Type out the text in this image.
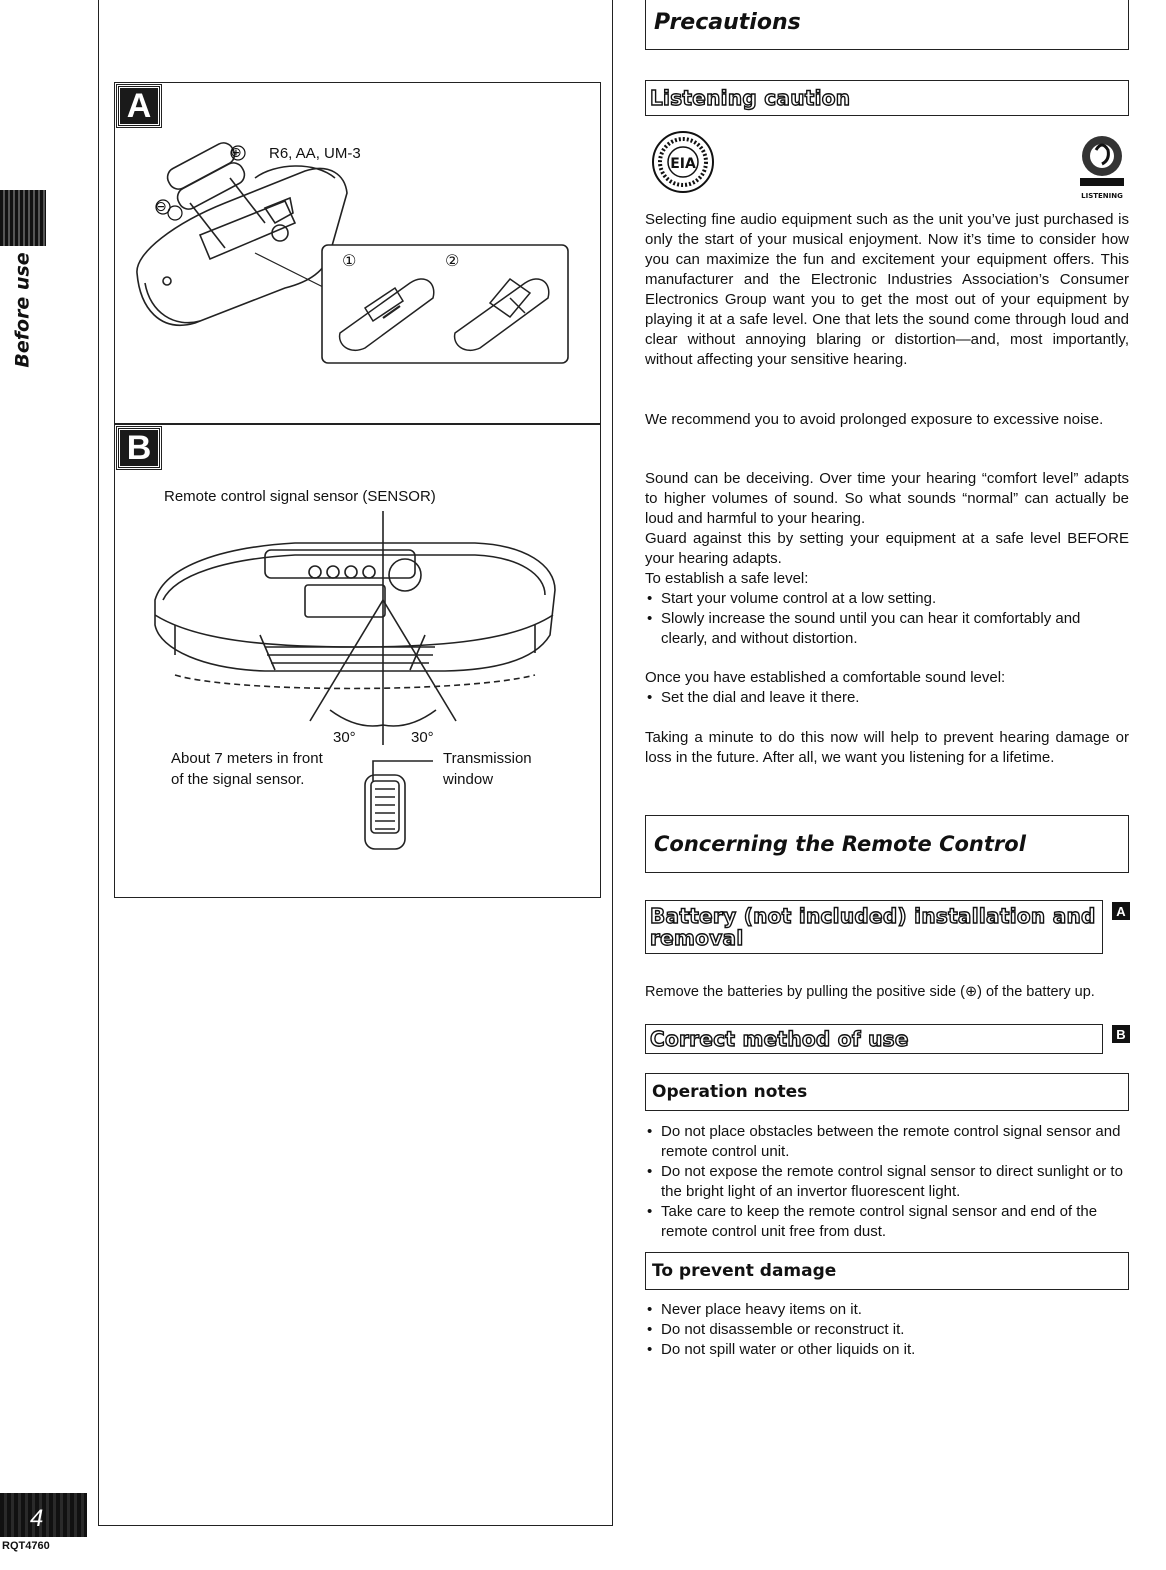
Before use
4
RQT4760
A
R6, AA, UM-3
①	②
⊕
⊖
B
Remote control signal sensor (SENSOR)
30°	30°
About 7 meters in front
of the signal sensor.
Transmission
window
Precautions
Listening caution
EIA
LISTENING

Selecting fine audio equipment such as the unit you’ve just purchased is only the start of your musical enjoyment. Now it’s time to consider how you can maximize the fun and excitement your equipment offers. This manufacturer and the Electronic Industries Association’s Consumer Electronics Group want you to get the most out of your equipment by playing it at a safe level. One that lets the sound come through loud and clear without annoying blaring or distortion—and, most importantly, without affecting your sensitive hearing.

We recommend you to avoid prolonged exposure to excessive noise.

Sound can be deceiving. Over time your hearing “comfort level” adapts to higher volumes of sound. So what sounds “normal” can actually be loud and harmful to your hearing.

Guard against this by setting your equipment at a safe level BEFORE your hearing adapts.

To establish a safe level:

• Start your volume control at a low setting.
• Slowly increase the sound until you can hear it comfortably and clearly, and without distortion.

Once you have established a comfortable sound level:

• Set the dial and leave it there.

Taking a minute to do this now will help to prevent hearing damage or loss in the future. After all, we want you listening for a lifetime.

Concerning the Remote Control
Battery (not included) installation and
removal
A

Remove the batteries by pulling the positive side (⊕) of the battery up.

Correct method of use	B
Operation notes
• Do not place obstacles between the remote control signal sensor and remote control unit.
• Do not expose the remote control signal sensor to direct sunlight or to the bright light of an invertor fluorescent light.
• Take care to keep the remote control signal sensor and end of the remote control unit free from dust.
To prevent damage
• Never place heavy items on it.
• Do not disassemble or reconstruct it.
• Do not spill water or other liquids on it.
